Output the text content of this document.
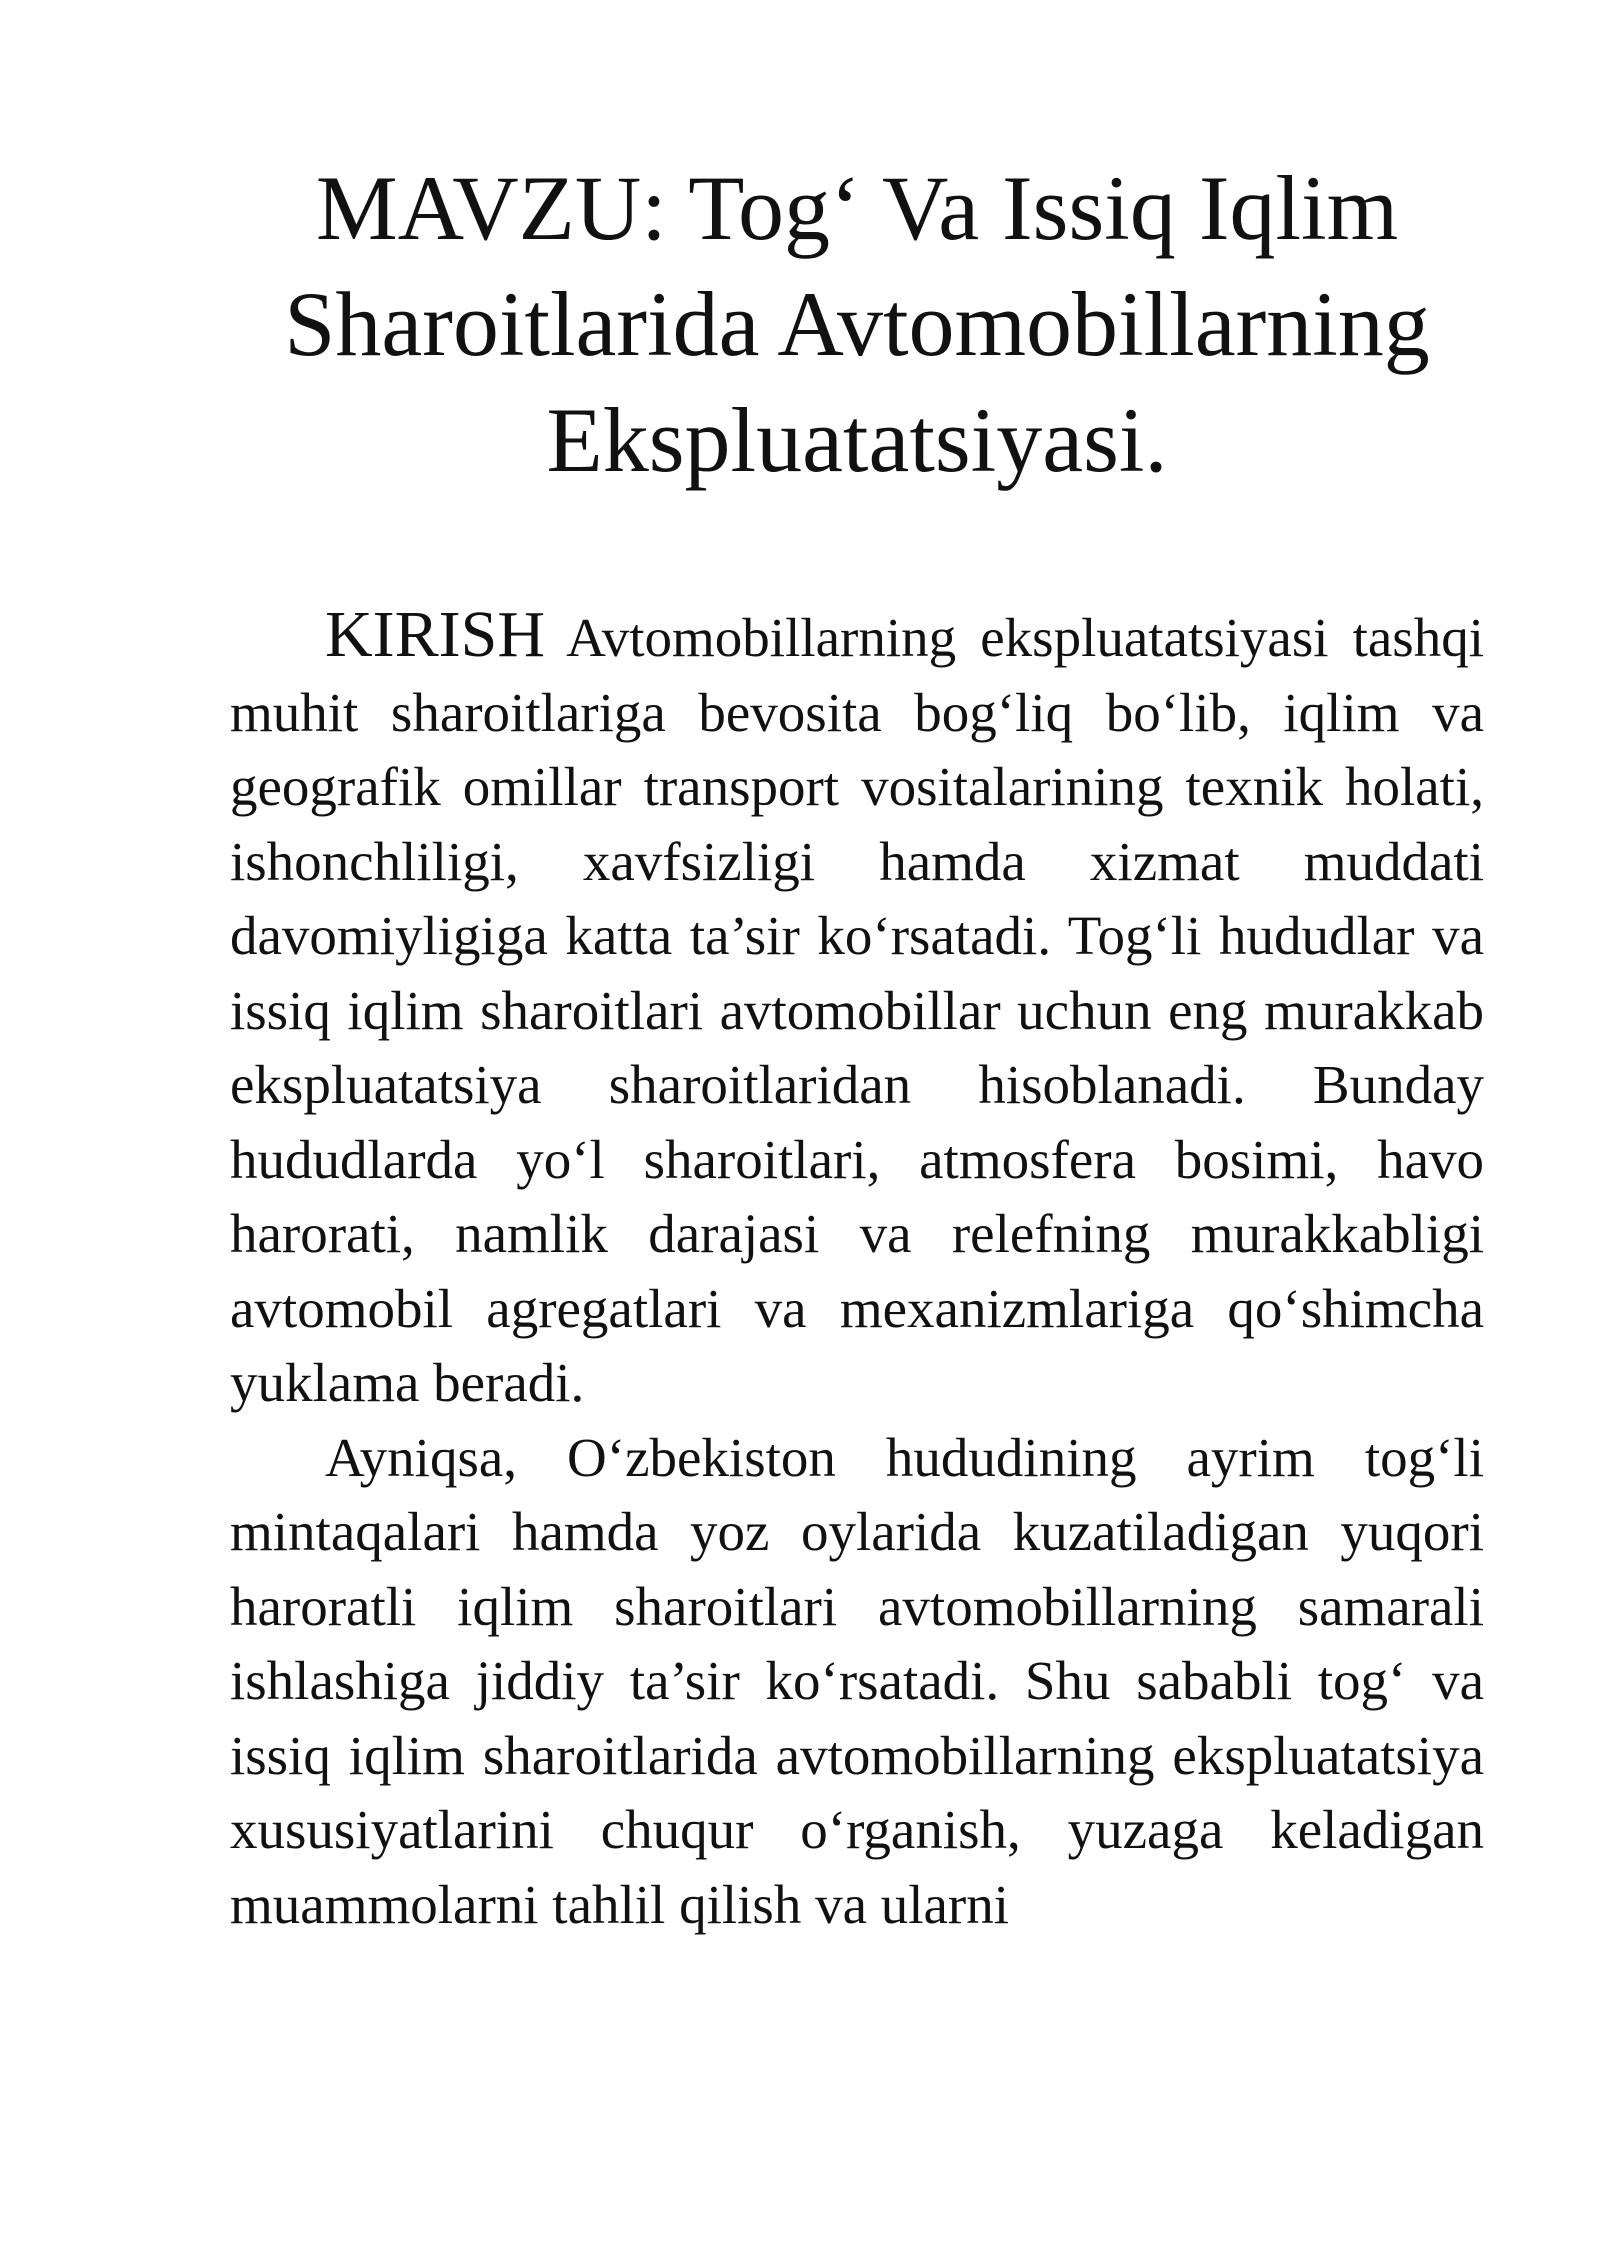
MAVZU: Tog‘ Va Issiq Iqlim Sharoitlarida Avtomobillarning Ekspluatatsiyasi.

KIRISH Avtomobillarning ekspluatatsiyasi tashqi muhit sharoitlariga bevosita bog‘liq bo‘lib, iqlim va geografik omillar transport vositalarining texnik holati, ishonchliligi, xavfsizligi hamda xizmat muddati davomiyligiga katta ta’sir ko‘rsatadi. Tog‘li hududlar va issiq iqlim sharoitlari avtomobillar uchun eng murakkab ekspluatatsiya sharoitlaridan hisoblanadi. Bunday hududlarda yo‘l sharoitlari, atmosfera bosimi, havo harorati, namlik darajasi va relefning murakkabligi avtomobil agregatlari va mexanizmlariga qo‘shimcha yuklama beradi.

Ayniqsa, O‘zbekiston hududining ayrim tog‘li mintaqalari hamda yoz oylarida kuzatiladigan yuqori haroratli iqlim sharoitlari avtomobillarning samarali ishlashiga jiddiy ta’sir ko‘rsatadi. Shu sababli tog‘ va issiq iqlim sharoitlarida avtomobillarning ekspluatatsiya xususiyatlarini chuqur o‘rganish, yuzaga keladigan muammolarni tahlil qilish va ularni
